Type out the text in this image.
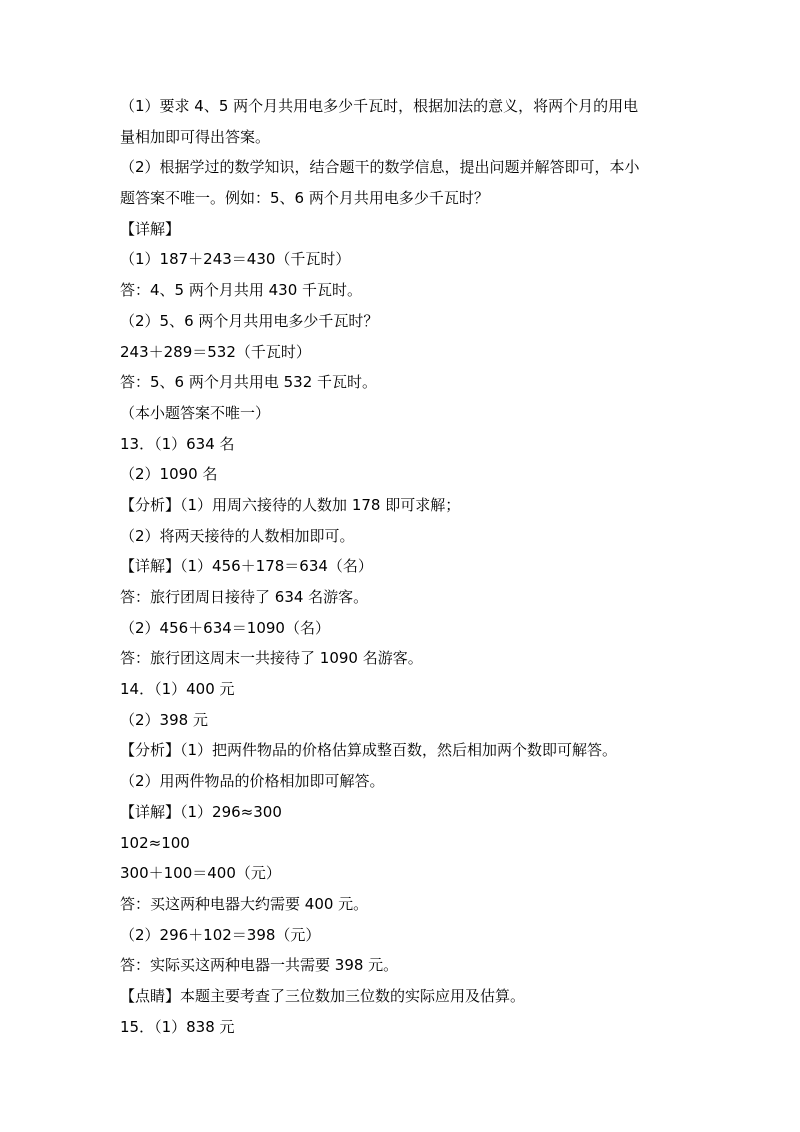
（1）要求 4、5 两个月共用电多少千瓦时，根据加法的意义，将两个月的用电
量相加即可得出答案。
（2）根据学过的数学知识，结合题干的数学信息，提出问题并解答即可，本小
题答案不唯一。例如：5、6 两个月共用电多少千瓦时？
【详解】
（1）187＋243＝430（千瓦时）
答：4、5 两个月共用 430 千瓦时。
（2）5、6 两个月共用电多少千瓦时？
243＋289＝532（千瓦时）
答：5、6 两个月共用电 532 千瓦时。
（本小题答案不唯一）
13．（1）634 名
（2）1090 名
【分析】（1）用周六接待的人数加 178 即可求解；
（2）将两天接待的人数相加即可。
【详解】（1）456＋178＝634（名）
答：旅行团周日接待了 634 名游客。
（2）456＋634＝1090（名）
答：旅行团这周末一共接待了 1090 名游客。
14．（1）400 元
（2）398 元
【分析】（1）把两件物品的价格估算成整百数，然后相加两个数即可解答。
（2）用两件物品的价格相加即可解答。
【详解】（1）296≈300
102≈100
300＋100＝400（元）
答：买这两种电器大约需要 400 元。
（2）296＋102＝398（元）
答：实际买这两种电器一共需要 398 元。
【点睛】本题主要考查了三位数加三位数的实际应用及估算。
15．（1）838 元
